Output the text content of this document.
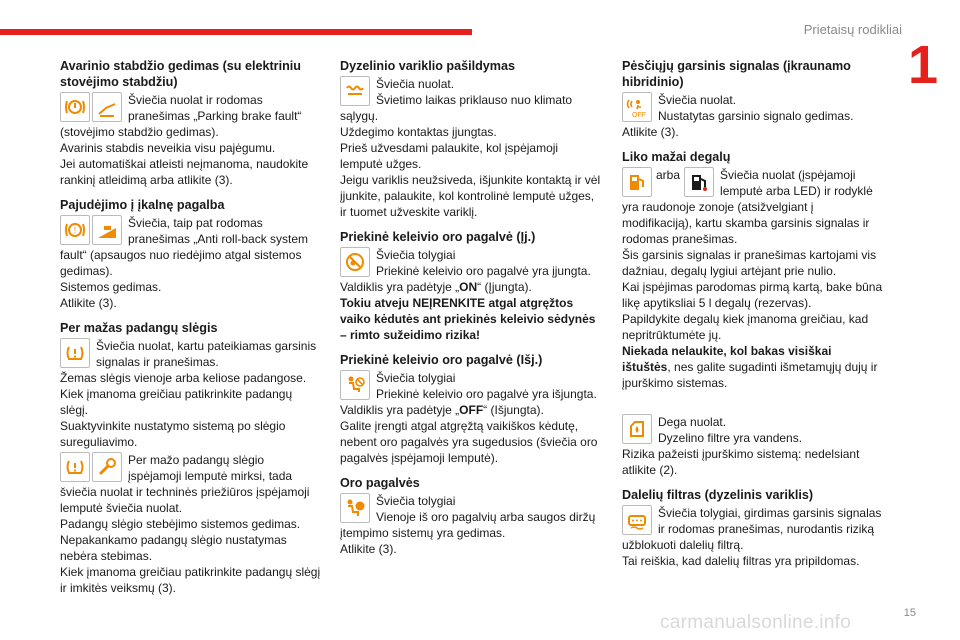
Prietaisų rodikliai
1
15
carmanualsonline.info
Avarinio stabdžio gedimas (su elektriniu stovėjimo stabdžiu)
Šviečia nuolat ir rodomas
pranešimas „Parking brake fault“
(stovėjimo stabdžio gedimas).
Avarinis stabdis neveikia visu pajėgumu.
Jei automatiškai atleisti neįmanoma, naudokite
rankinį atleidimą arba atlikite (3).
Pajudėjimo į įkalnę pagalba
!
Šviečia, taip pat rodomas
pranešimas „Anti roll-back system
fault“ (apsaugos nuo riedėjimo atgal sistemos
gedimas).
Sistemos gedimas.
Atlikite (3).
Per mažas padangų slėgis
Šviečia nuolat, kartu pateikiamas garsinis
signalas ir pranešimas.
Žemas slėgis vienoje arba keliose padangose.
Kiek įmanoma greičiau patikrinkite padangų
slėgį.
Suaktyvinkite nustatymo sistemą po slėgio
sureguliavimo.
Per mažo padangų slėgio
įspėjamoji lemputė mirksi, tada
šviečia nuolat ir techninės priežiūros įspėjamoji
lemputė šviečia nuolat.
Padangų slėgio stebėjimo sistemos gedimas.
Nepakankamo padangų slėgio nustatymas
nebėra stebimas.
Kiek įmanoma greičiau patikrinkite padangų slėgį
ir imkitės veiksmų (3).
Dyzelinio variklio pašildymas
Šviečia nuolat.
Švietimo laikas priklauso nuo klimato
sąlygų.
Uždegimo kontaktas įjungtas.
Prieš užvesdami palaukite, kol įspėjamoji
lemputė užges.
Jeigu variklis neužsiveda, išjunkite kontaktą ir vėl
įjunkite, palaukite, kol kontrolinė lemputė užges,
ir tuomet užveskite variklį.
Priekinė keleivio oro pagalvė (Įj.)
Šviečia tolygiai
Priekinė keleivio oro pagalvė yra įjungta.
Valdiklis yra padėtyje „ON“ (Įjungta).
Tokiu atveju NEĮRENKITE atgal atgręžtos
vaiko kėdutės ant priekinės keleivio sėdynės
– rimto sužeidimo rizika!
Priekinė keleivio oro pagalvė (Išj.)
Šviečia tolygiai
Priekinė keleivio oro pagalvė yra išjungta.
Valdiklis yra padėtyje „OFF“ (Išjungta).
Galite įrengti atgal atgręžtą vaikiškos kėdutę,
nebent oro pagalvės yra sugedusios (šviečia oro
pagalvės įspėjamoji lemputė).
Oro pagalvės
Šviečia tolygiai
Vienoje iš oro pagalvių arba saugos diržų
įtempimo sistemų yra gedimas.
Atlikite (3).
Pėsčiųjų garsinis signalas (įkraunamo hibridinio)
OFF
Šviečia nuolat.
Nustatytas garsinio signalo gedimas.
Atlikite (3).
Liko mažai degalų
arba	Šviečia nuolat (įspėjamoji
lemputė arba LED) ir rodyklė
yra raudonoje zonoje (atsižvelgiant į
modifikaciją), kartu skamba garsinis signalas ir
rodomas pranešimas.
Šis garsinis signalas ir pranešimas kartojami vis
dažniau, degalų lygiui artėjant prie nulio.
Kai įspėjimas parodomas pirmą kartą, bake būna
likę apytiksliai 5 l degalų (rezervas).
Papildykite degalų kiek įmanoma greičiau, kad
nepritrūktumėte jų.
Niekada nelaukite, kol bakas visiškai
ištuštės, nes galite sugadinti išmetamųjų dujų ir
įpurškimo sistemas.
Dega nuolat.
Dyzelino filtre yra vandens.
Rizika pažeisti įpurškimo sistemą: nedelsiant
atlikite (2).
Dalelių filtras (dyzelinis variklis)
Šviečia tolygiai, girdimas garsinis signalas
ir rodomas pranešimas, nurodantis riziką
užblokuoti dalelių filtrą.
Tai reiškia, kad dalelių filtras yra pripildomas.
